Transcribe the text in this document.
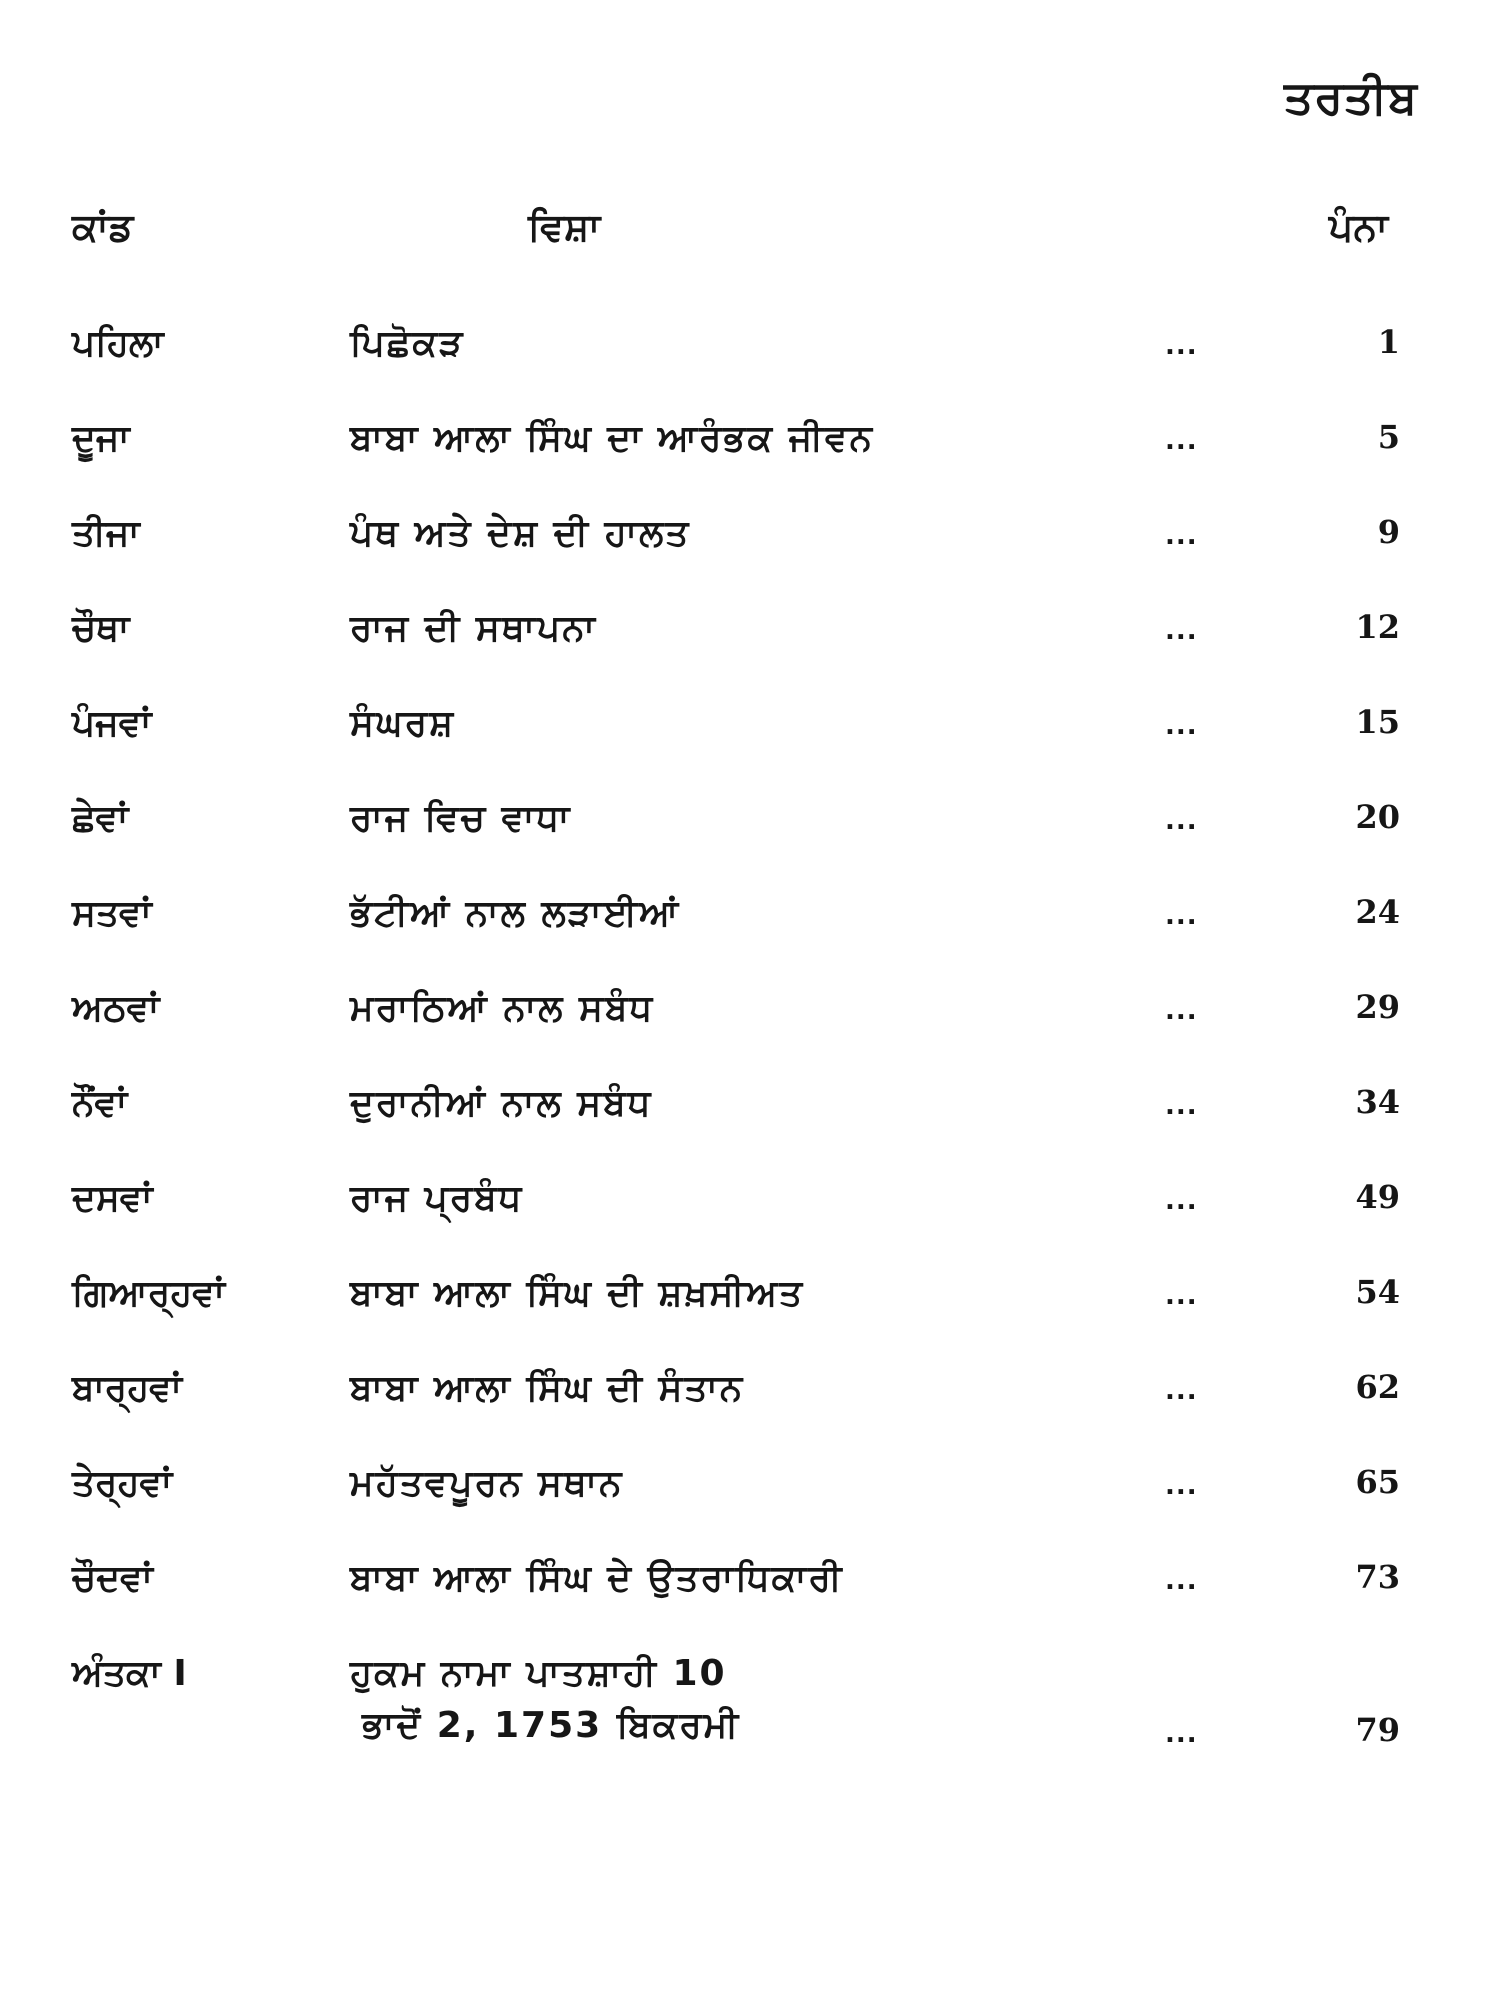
ਤਰਤੀਬ
ਕਾਂਡ	ਵਿਸ਼ਾ	ਪੰਨਾ
ਪਹਿਲਾ	ਪਿਛੋਕੜ	...	1
ਦੂਜਾ	ਬਾਬਾ ਆਲਾ ਸਿੰਘ ਦਾ ਆਰੰਭਕ ਜੀਵਨ	...	5
ਤੀਜਾ	ਪੰਥ ਅਤੇ ਦੇਸ਼ ਦੀ ਹਾਲਤ	...	9
ਚੌਥਾ	ਰਾਜ ਦੀ ਸਥਾਪਨਾ	...	12
ਪੰਜਵਾਂ	ਸੰਘਰਸ਼	...	15
ਛੇਵਾਂ	ਰਾਜ ਵਿਚ ਵਾਧਾ	...	20
ਸਤਵਾਂ	ਭੱਟੀਆਂ ਨਾਲ ਲੜਾਈਆਂ	...	24
ਅਠਵਾਂ	ਮਰਾਠਿਆਂ ਨਾਲ ਸਬੰਧ	...	29
ਨੌਂਵਾਂ	ਦੁਰਾਨੀਆਂ ਨਾਲ ਸਬੰਧ	...	34
ਦਸਵਾਂ	ਰਾਜ ਪ੍ਰਬੰਧ	...	49
ਗਿਆਰ੍ਹਵਾਂ	ਬਾਬਾ ਆਲਾ ਸਿੰਘ ਦੀ ਸ਼ਖ਼ਸੀਅਤ	...	54
ਬਾਰ੍ਹਵਾਂ	ਬਾਬਾ ਆਲਾ ਸਿੰਘ ਦੀ ਸੰਤਾਨ	...	62
ਤੇਰ੍ਹਵਾਂ	ਮਹੱਤਵਪੂਰਨ ਸਥਾਨ	...	65
ਚੌਦਵਾਂ	ਬਾਬਾ ਆਲਾ ਸਿੰਘ ਦੇ ਉਤਰਾਧਿਕਾਰੀ	...	73
ਅੰਤਕਾ I	ਹੁਕਮ ਨਾਮਾ ਪਾਤਸ਼ਾਹੀ 10
ਭਾਦੋਂ 2, 1753 ਬਿਕਰਮੀ	...	79
